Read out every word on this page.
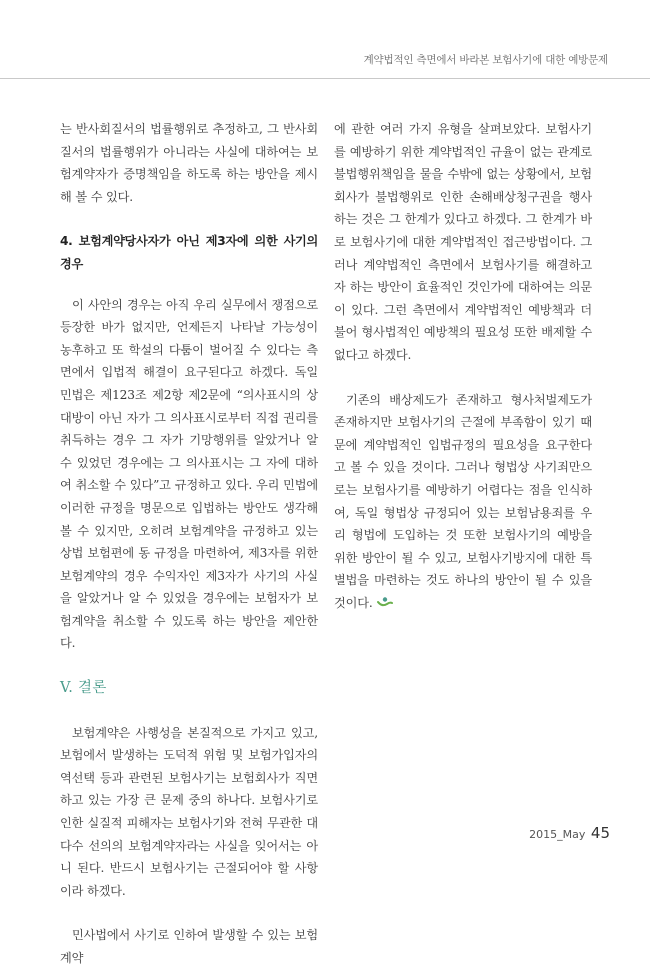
계약법적인 측면에서 바라본 보험사기에 대한 예방문제

는 반사회질서의 법률행위로 추정하고, 그 반사회질서의 법률행위가 아니라는 사실에 대하여는 보험계약자가 증명책임을 하도록 하는 방안을 제시해 볼 수 있다.

4. 보험계약당사자가 아닌 제3자에 의한 사기의 경우

이 사안의 경우는 아직 우리 실무에서 쟁점으로 등장한 바가 없지만, 언제든지 나타날 가능성이 농후하고 또 학설의 다툼이 벌어질 수 있다는 측면에서 입법적 해결이 요구된다고 하겠다. 독일 민법은 제123조 제2항 제2문에 “의사표시의 상대방이 아닌 자가 그 의사표시로부터 직접 권리를 취득하는 경우 그 자가 기망행위를 알았거나 알 수 있었던 경우에는 그 의사표시는 그 자에 대하여 취소할 수 있다”고 규정하고 있다. 우리 민법에 이러한 규정을 명문으로 입법하는 방안도 생각해 볼 수 있지만, 오히려 보험계약을 규정하고 있는 상법 보험편에 동 규정을 마련하여, 제3자를 위한 보험계약의 경우 수익자인 제3자가 사기의 사실을 알았거나 알 수 있었을 경우에는 보험자가 보험계약을 취소할 수 있도록 하는 방안을 제안한다.

V. 결론

보험계약은 사행성을 본질적으로 가지고 있고, 보험에서 발생하는 도덕적 위험 및 보험가입자의 역선택 등과 관련된 보험사기는 보험회사가 직면하고 있는 가장 큰 문제 중의 하나다. 보험사기로 인한 실질적 피해자는 보험사기와 전혀 무관한 대다수 선의의 보험계약자라는 사실을 잊어서는 아니 된다. 반드시 보험사기는 근절되어야 할 사항이라 하겠다.

민사법에서 사기로 인하여 발생할 수 있는 보험계약

에 관한 여러 가지 유형을 살펴보았다. 보험사기를 예방하기 위한 계약법적인 규율이 없는 관계로 불법행위책임을 물을 수밖에 없는 상황에서, 보험회사가 불법행위로 인한 손해배상청구권을 행사하는 것은 그 한계가 있다고 하겠다. 그 한계가 바로 보험사기에 대한 계약법적인 접근방법이다. 그러나 계약법적인 측면에서 보험사기를 해결하고자 하는 방안이 효율적인 것인가에 대하여는 의문이 있다. 그런 측면에서 계약법적인 예방책과 더불어 형사법적인 예방책의 필요성 또한 배제할 수 없다고 하겠다.

기존의 배상제도가 존재하고 형사처벌제도가 존재하지만 보험사기의 근절에 부족함이 있기 때문에 계약법적인 입법규정의 필요성을 요구한다고 볼 수 있을 것이다. 그러나 형법상 사기죄만으로는 보험사기를 예방하기 어렵다는 점을 인식하여, 독일 형법상 규정되어 있는 보험남용죄를 우리 형법에 도입하는 것 또한 보험사기의 예방을 위한 방안이 될 수 있고, 보험사기방지에 대한 특별법을 마련하는 것도 하나의 방안이 될 수 있을 것이다.

2015_May 45
